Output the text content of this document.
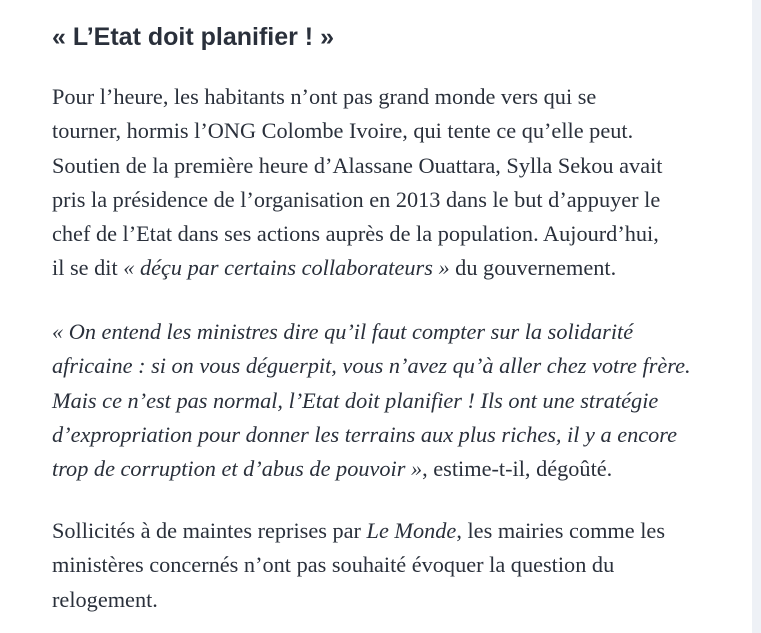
« L’Etat doit planifier ! »

Pour l’heure, les habitants n’ont pas grand monde vers qui se
tourner, hormis l’ONG Colombe Ivoire, qui tente ce qu’elle peut.
Soutien de la première heure d’Alassane Ouattara, Sylla Sekou avait
pris la présidence de l’organisation en 2013 dans le but d’appuyer le
chef de l’Etat dans ses actions auprès de la population. Aujourd’hui,
il se dit « déçu par certains collaborateurs » du gouvernement.

« On entend les ministres dire qu’il faut compter sur la solidarité
africaine : si on vous déguerpit, vous n’avez qu’à aller chez votre frère.
Mais ce n’est pas normal, l’Etat doit planifier ! Ils ont une stratégie
d’expropriation pour donner les terrains aux plus riches, il y a encore
trop de corruption et d’abus de pouvoir », estime-t-il, dégoûté.

Sollicités à de maintes reprises par Le Monde, les mairies comme les
ministères concernés n’ont pas souhaité évoquer la question du
relogement.
